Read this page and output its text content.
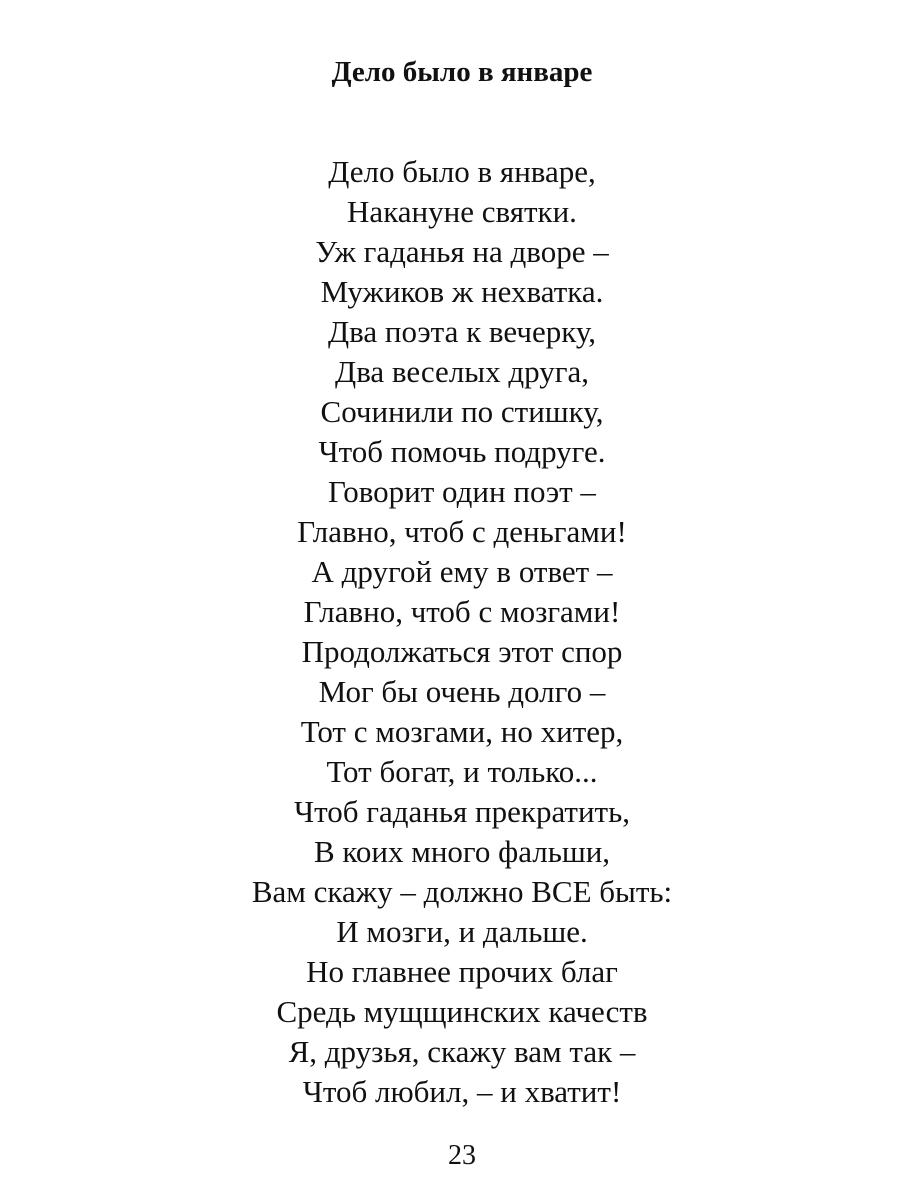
Дело было в январе
Дело было в январе,
Накануне святки.
Уж гаданья на дворе –
Мужиков ж нехватка.
Два поэта к вечерку,
Два веселых друга,
Сочинили по стишку,
Чтоб помочь подруге.
Говорит один поэт –
Главно, чтоб с деньгами!
А другой ему в ответ –
Главно, чтоб с мозгами!
Продолжаться этот спор
Мог бы очень долго –
Тот с мозгами, но хитер,
Тот богат, и только...
Чтоб гаданья прекратить,
В коих много фальши,
Вам скажу – должно ВСЕ быть:
И мозги, и дальше.
Но главнее прочих благ
Средь мущщинских качеств
Я, друзья, скажу вам так –
Чтоб любил, – и хватит!
23
